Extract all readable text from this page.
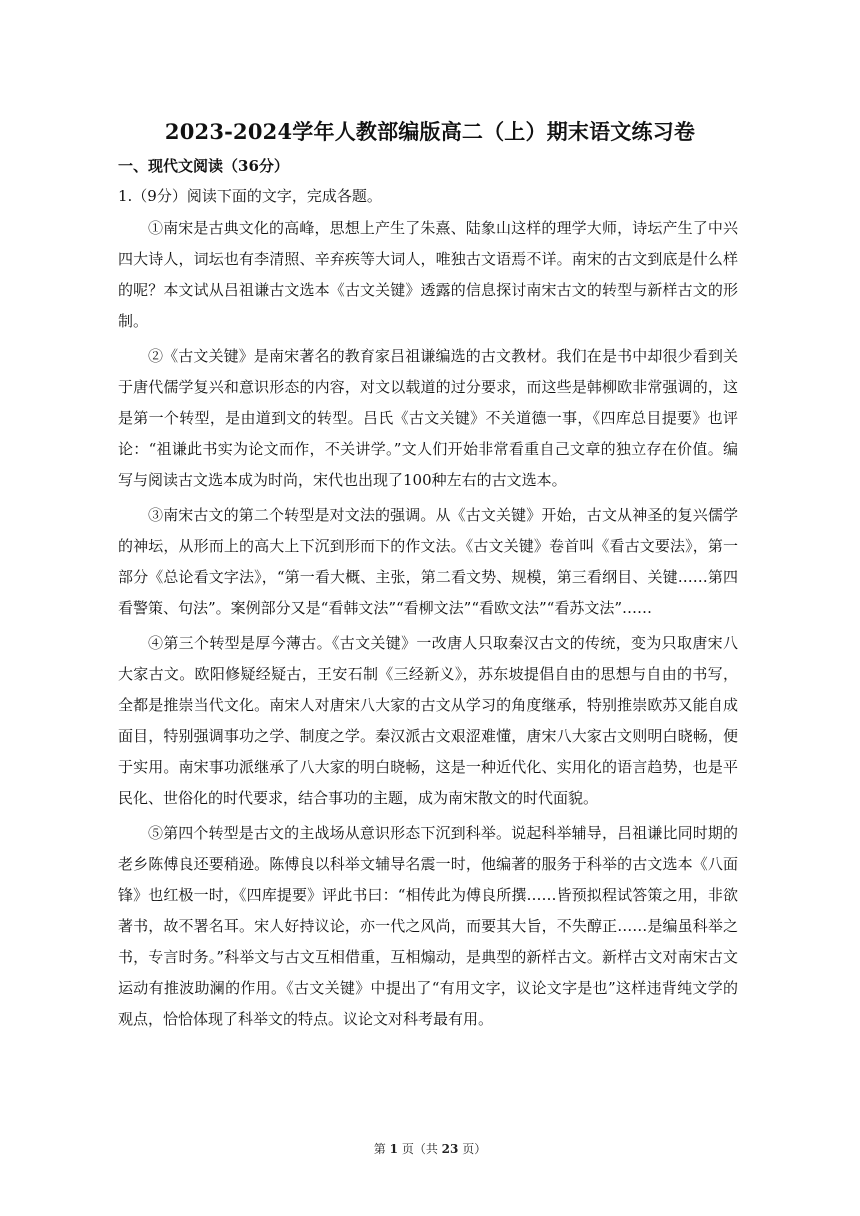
2023-2024学年人教部编版高二（上）期末语文练习卷
一、现代文阅读（36分）
1.（9分）阅读下面的文字，完成各题。

①南宋是古典文化的高峰，思想上产生了朱熹、陆象山这样的理学大师，诗坛产生了中兴四大诗人，词坛也有李清照、辛弃疾等大词人，唯独古文语焉不详。南宋的古文到底是什么样的呢？本文试从吕祖谦古文选本《古文关键》透露的信息探讨南宋古文的转型与新样古文的形制。

②《古文关键》是南宋著名的教育家吕祖谦编选的古文教材。我们在是书中却很少看到关于唐代儒学复兴和意识形态的内容，对文以载道的过分要求，而这些是韩柳欧非常强调的，这是第一个转型，是由道到文的转型。吕氏《古文关键》不关道德一事，《四库总目提要》也评论：“祖谦此书实为论文而作，不关讲学。”文人们开始非常看重自己文章的独立存在价值。编写与阅读古文选本成为时尚，宋代也出现了100种左右的古文选本。

③南宋古文的第二个转型是对文法的强调。从《古文关键》开始，古文从神圣的复兴儒学的神坛，从形而上的高大上下沉到形而下的作文法。《古文关键》卷首叫《看古文要法》，第一部分《总论看文字法》，“第一看大概、主张，第二看文势、规模，第三看纲目、关键……第四看警策、句法”。案例部分又是“看韩文法”“看柳文法”“看欧文法”“看苏文法”……

④第三个转型是厚今薄古。《古文关键》一改唐人只取秦汉古文的传统，变为只取唐宋八大家古文。欧阳修疑经疑古，王安石制《三经新义》，苏东坡提倡自由的思想与自由的书写，全都是推崇当代文化。南宋人对唐宋八大家的古文从学习的角度继承，特别推崇欧苏又能自成面目，特别强调事功之学、制度之学。秦汉派古文艰涩难懂，唐宋八大家古文则明白晓畅，便于实用。南宋事功派继承了八大家的明白晓畅，这是一种近代化、实用化的语言趋势，也是平民化、世俗化的时代要求，结合事功的主题，成为南宋散文的时代面貌。

⑤第四个转型是古文的主战场从意识形态下沉到科举。说起科举辅导，吕祖谦比同时期的老乡陈傅良还要稍逊。陈傅良以科举文辅导名震一时，他编著的服务于科举的古文选本《八面锋》也红极一时，《四库提要》评此书曰：“相传此为傅良所撰……皆预拟程试答策之用，非欲著书，故不署名耳。宋人好持议论，亦一代之风尚，而要其大旨，不失醇正……是编虽科举之书，专言时务。”科举文与古文互相借重，互相煽动，是典型的新样古文。新样古文对南宋古文运动有推波助澜的作用。《古文关键》中提出了“有用文字，议论文字是也”这样违背纯文学的观点，恰恰体现了科举文的特点。议论文对科考最有用。

第 1 页（共 23 页）
